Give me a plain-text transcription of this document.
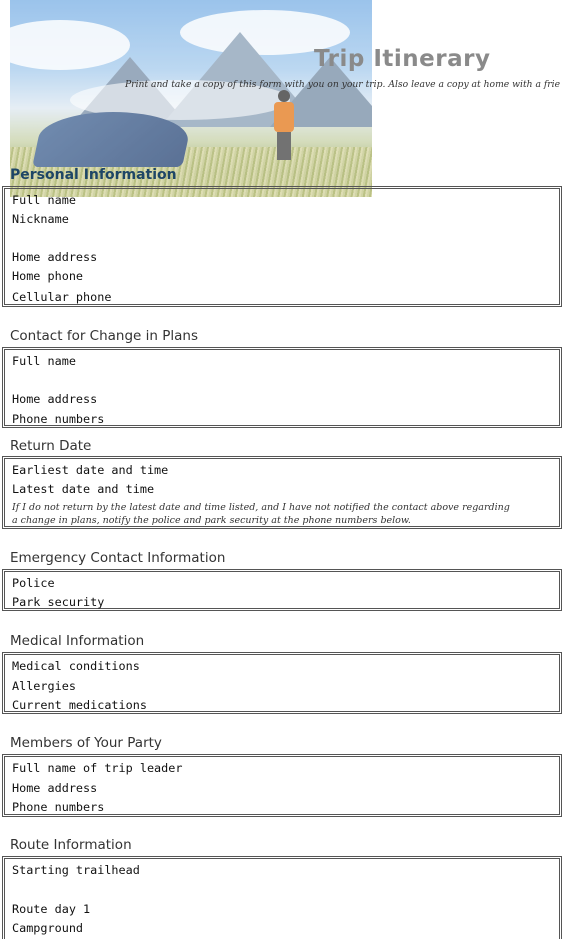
Trip Itinerary
Print and take a copy of this form with you on your trip. Also leave a copy at home with a frie
Personal Information
Full name
Nickname
Home address
Home phone
Cellular phone
Contact for Change in Plans
Full name
Home address
Phone numbers
Return Date
Earliest date and time
Latest date and time
If I do not return by the latest date and time listed, and I have not notified the contact above regarding
a change in plans, notify the police and park security at the phone numbers below.
Emergency Contact Information
Police
Park security
Medical Information
Medical conditions
Allergies
Current medications
Members of Your Party
Full name of trip leader
Home address
Phone numbers
Route Information
Starting trailhead
Route day 1
Campground
